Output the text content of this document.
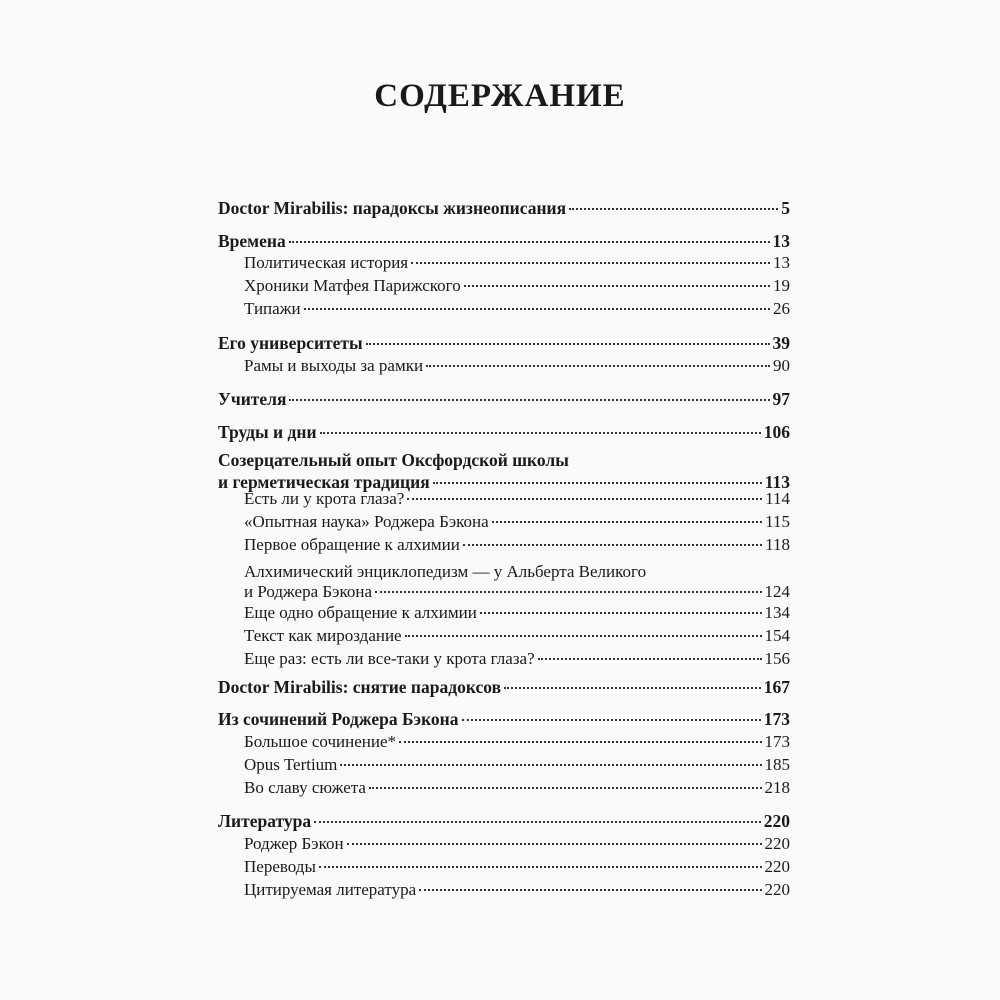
СОДЕРЖАНИЕ
Doctor Mirabilis: парадоксы жизнеописания	5
Времена	13
Политическая история	13
Хроники Матфея Парижского	19
Типажи	26
Его университеты	39
Рамы и выходы за рамки	90
Учителя	97
Труды и дни	106
Созерцательный опыт Оксфордской школы
и герметическая традиция	113
Есть ли у крота глаза?	114
«Опытная наука» Роджера Бэкона	115
Первое обращение к алхимии	118
Алхимический энциклопедизм — у Альберта Великого
и Роджера Бэкона	124
Еще одно обращение к алхимии	134
Текст как мироздание	154
Еще раз: есть ли все-таки у крота глаза?	156
Doctor Mirabilis: снятие парадоксов	167
Из сочинений Роджера Бэкона	173
Большое сочинение*	173
Opus Tertium	185
Во славу сюжета	218
Литература	220
Роджер Бэкон	220
Переводы	220
Цитируемая литература	220
